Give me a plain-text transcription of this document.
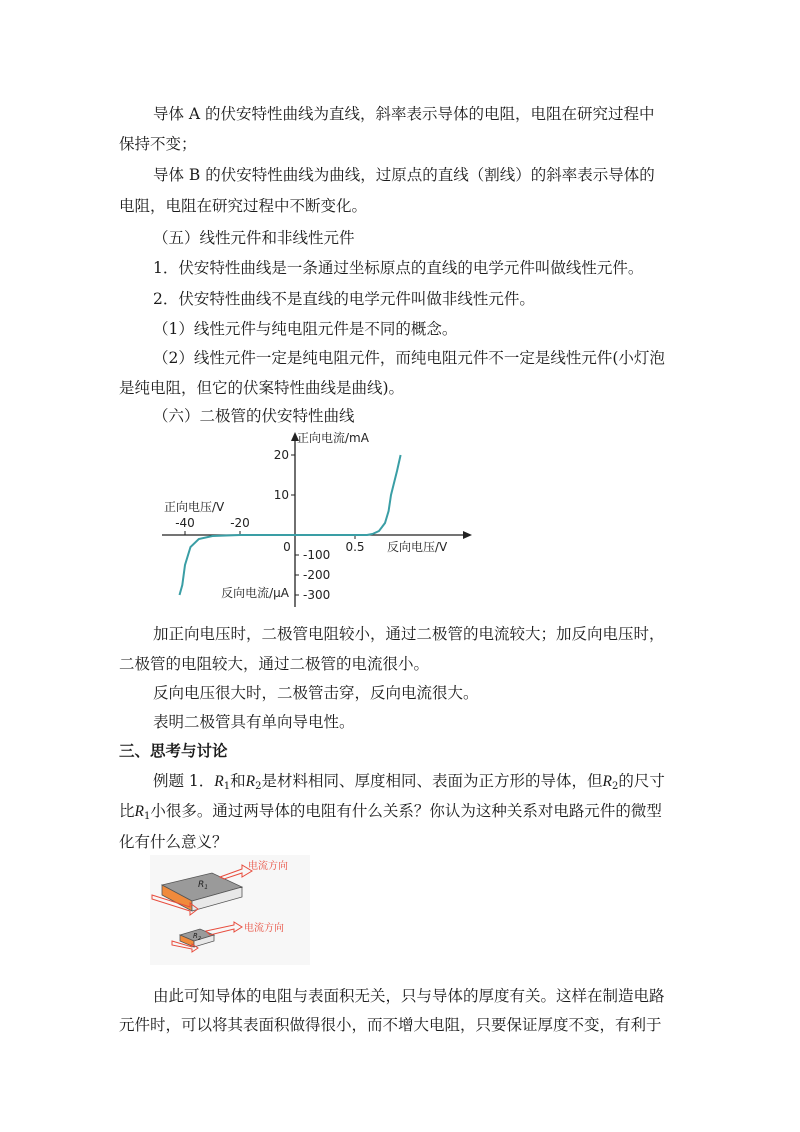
导体 A 的伏安特性曲线为直线，斜率表示导体的电阻，电阻在研究过程中
保持不变；
导体 B 的伏安特性曲线为曲线，过原点的直线（割线）的斜率表示导体的
电阻，电阻在研究过程中不断变化。
（五）线性元件和非线性元件
1．伏安特性曲线是一条通过坐标原点的直线的电学元件叫做线性元件。
2．伏安特性曲线不是直线的电学元件叫做非线性元件。
（1）线性元件与纯电阻元件是不同的概念。
（2）线性元件一定是纯电阻元件，而纯电阻元件不一定是线性元件(小灯泡
是纯电阻，但它的伏案特性曲线是曲线)。
（六）二极管的伏安特性曲线
-40	-20
0.5
0
10
20
-100
-200
-300
正向电流/mA
反向电流/μA
正向电压/V
反向电压/V
加正向电压时，二极管电阻较小，通过二极管的电流较大；加反向电压时，
二极管的电阻较大，通过二极管的电流很小。
反向电压很大时，二极管击穿，反向电流很大。
表明二极管具有单向导电性。
三、思考与讨论
例题 1．$R_1$和$R_2$是材料相同、厚度相同、表面为正方形的导体，但$R_2$的尺寸
比$R_1$小很多。通过两导体的电阻有什么关系？你认为这种关系对电路元件的微型
化有什么意义？
$R_1$
电流方向
$R_2$
电流方向
由此可知导体的电阻与表面积无关，只与导体的厚度有关。这样在制造电路
元件时，可以将其表面积做得很小，而不增大电阻，只要保证厚度不变，有利于
